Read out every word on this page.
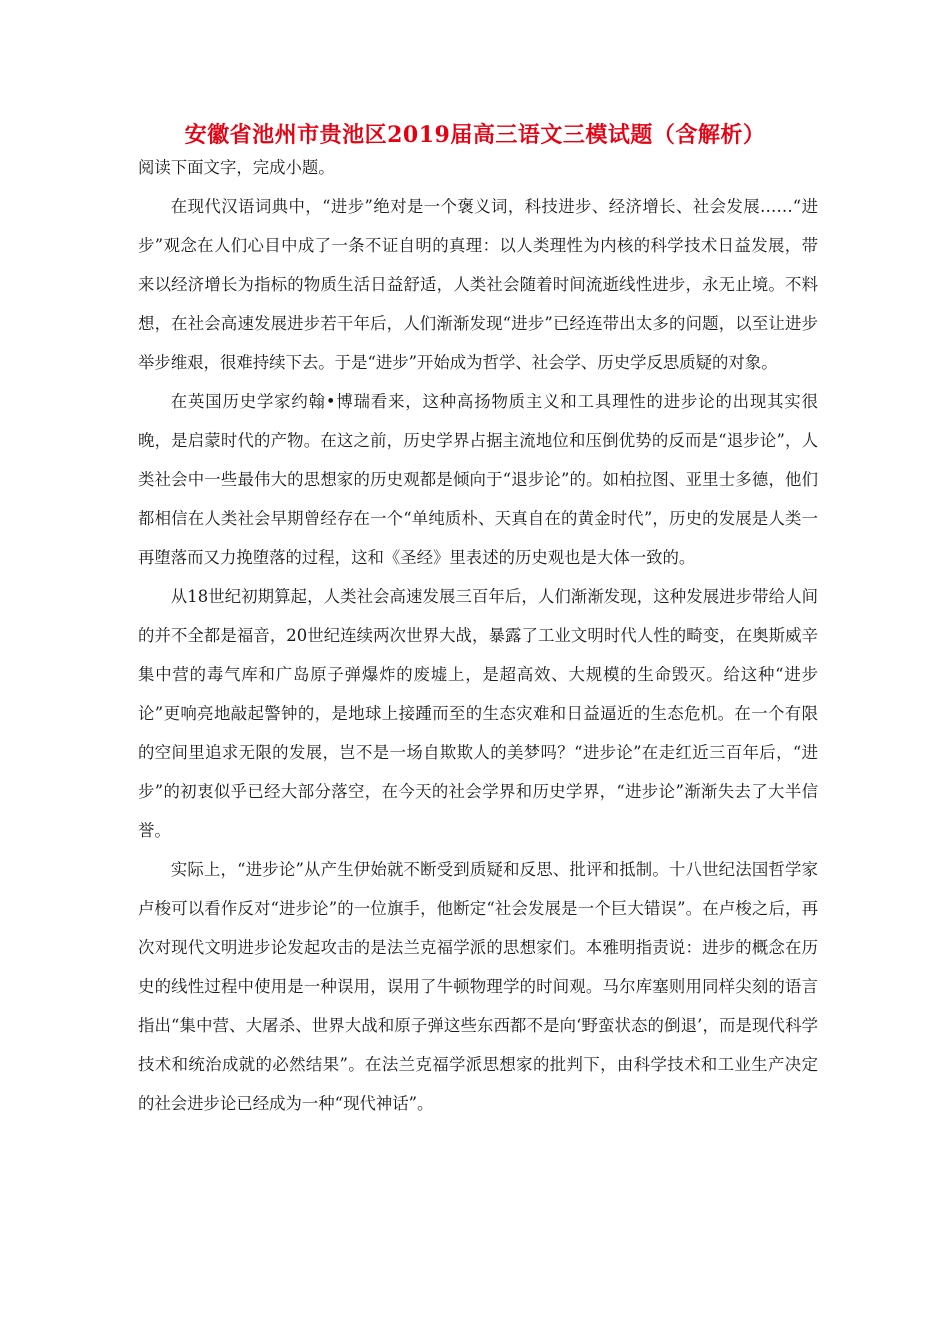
安徽省池州市贵池区2019届高三语文三模试题（含解析）

阅读下面文字，完成小题。

在现代汉语词典中，“进步”绝对是一个褒义词，科技进步、经济增长、社会发展……“进步”观念在人们心目中成了一条不证自明的真理：以人类理性为内核的科学技术日益发展，带来以经济增长为指标的物质生活日益舒适，人类社会随着时间流逝线性进步，永无止境。不料想，在社会高速发展进步若干年后，人们渐渐发现“进步”已经连带出太多的问题，以至让进步举步维艰，很难持续下去。于是“进步”开始成为哲学、社会学、历史学反思质疑的对象。

在英国历史学家约翰•博瑞看来，这种高扬物质主义和工具理性的进步论的出现其实很晚，是启蒙时代的产物。在这之前，历史学界占据主流地位和压倒优势的反而是“退步论”，人类社会中一些最伟大的思想家的历史观都是倾向于“退步论”的。如柏拉图、亚里士多德，他们都相信在人类社会早期曾经存在一个“单纯质朴、天真自在的黄金时代”，历史的发展是人类一再堕落而又力挽堕落的过程，这和《圣经》里表述的历史观也是大体一致的。

从18世纪初期算起，人类社会高速发展三百年后，人们渐渐发现，这种发展进步带给人间的并不全都是福音，20世纪连续两次世界大战，暴露了工业文明时代人性的畸变，在奥斯威辛集中营的毒气库和广岛原子弹爆炸的废墟上，是超高效、大规模的生命毁灭。给这种“进步论”更响亮地敲起警钟的，是地球上接踵而至的生态灾难和日益逼近的生态危机。在一个有限的空间里追求无限的发展，岂不是一场自欺欺人的美梦吗？“进步论”在走红近三百年后，“进步”的初衷似乎已经大部分落空，在今天的社会学界和历史学界，“进步论”渐渐失去了大半信誉。

实际上，“进步论”从产生伊始就不断受到质疑和反思、批评和抵制。十八世纪法国哲学家卢梭可以看作反对“进步论”的一位旗手，他断定“社会发展是一个巨大错误”。在卢梭之后，再次对现代文明进步论发起攻击的是法兰克福学派的思想家们。本雅明指责说：进步的概念在历史的线性过程中使用是一种误用，误用了牛顿物理学的时间观。马尔库塞则用同样尖刻的语言指出“集中营、大屠杀、世界大战和原子弹这些东西都不是向‘野蛮状态的倒退’，而是现代科学技术和统治成就的必然结果”。在法兰克福学派思想家的批判下，由科学技术和工业生产决定的社会进步论已经成为一种“现代神话”。
